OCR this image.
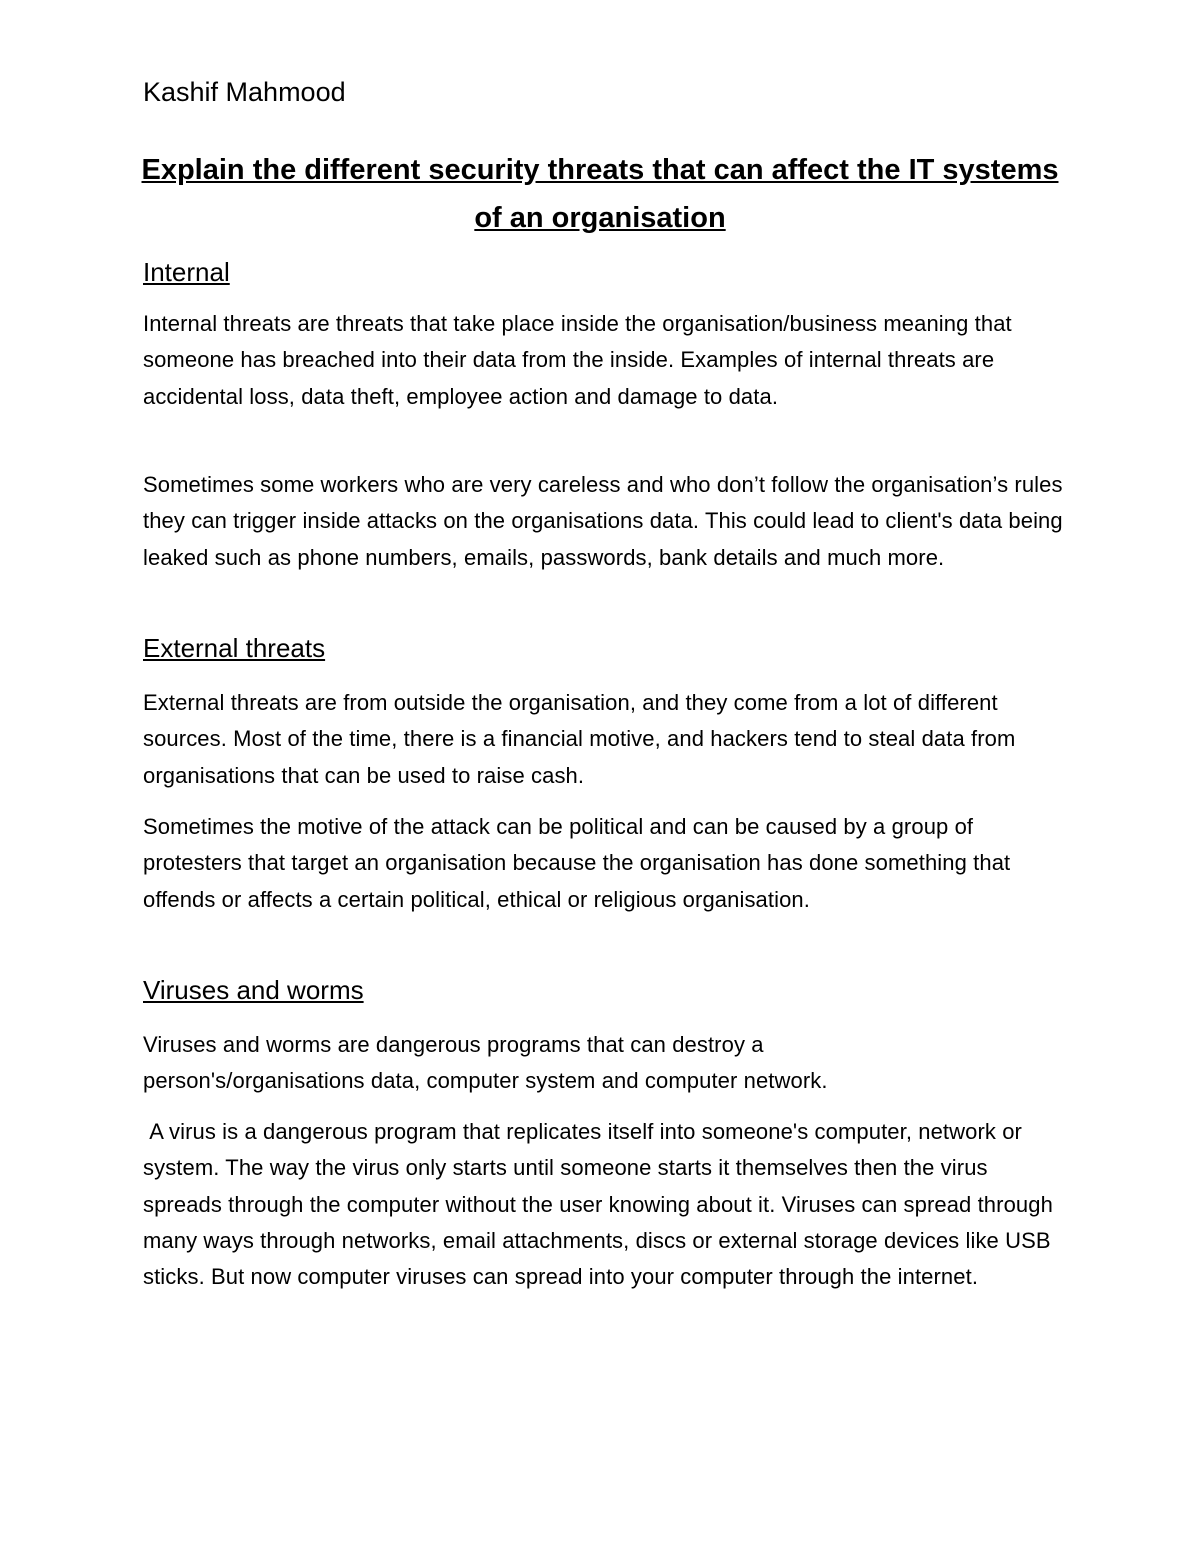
Kashif Mahmood
Explain the different security threats that can affect the IT systems of an organisation
Internal
Internal threats are threats that take place inside the organisation/business meaning that someone has breached into their data from the inside. Examples of internal threats are accidental loss, data theft, employee action and damage to data.
Sometimes some workers who are very careless and who don’t follow the organisation’s rules they can trigger inside attacks on the organisations data. This could lead to client's data being leaked such as phone numbers, emails, passwords, bank details and much more.
External threats
External threats are from outside the organisation, and they come from a lot of different sources. Most of the time, there is a financial motive, and hackers tend to steal data from organisations that can be used to raise cash.
Sometimes the motive of the attack can be political and can be caused by a group of protesters that target an organisation because the organisation has done something that offends or affects a certain political, ethical or religious organisation.
Viruses and worms
Viruses and worms are dangerous programs that can destroy a person's/organisations data, computer system and computer network.
A virus is a dangerous program that replicates itself into someone's computer, network or system. The way the virus only starts until someone starts it themselves then the virus spreads through the computer without the user knowing about it. Viruses can spread through many ways through networks, email attachments, discs or external storage devices like USB sticks. But now computer viruses can spread into your computer through the internet.
